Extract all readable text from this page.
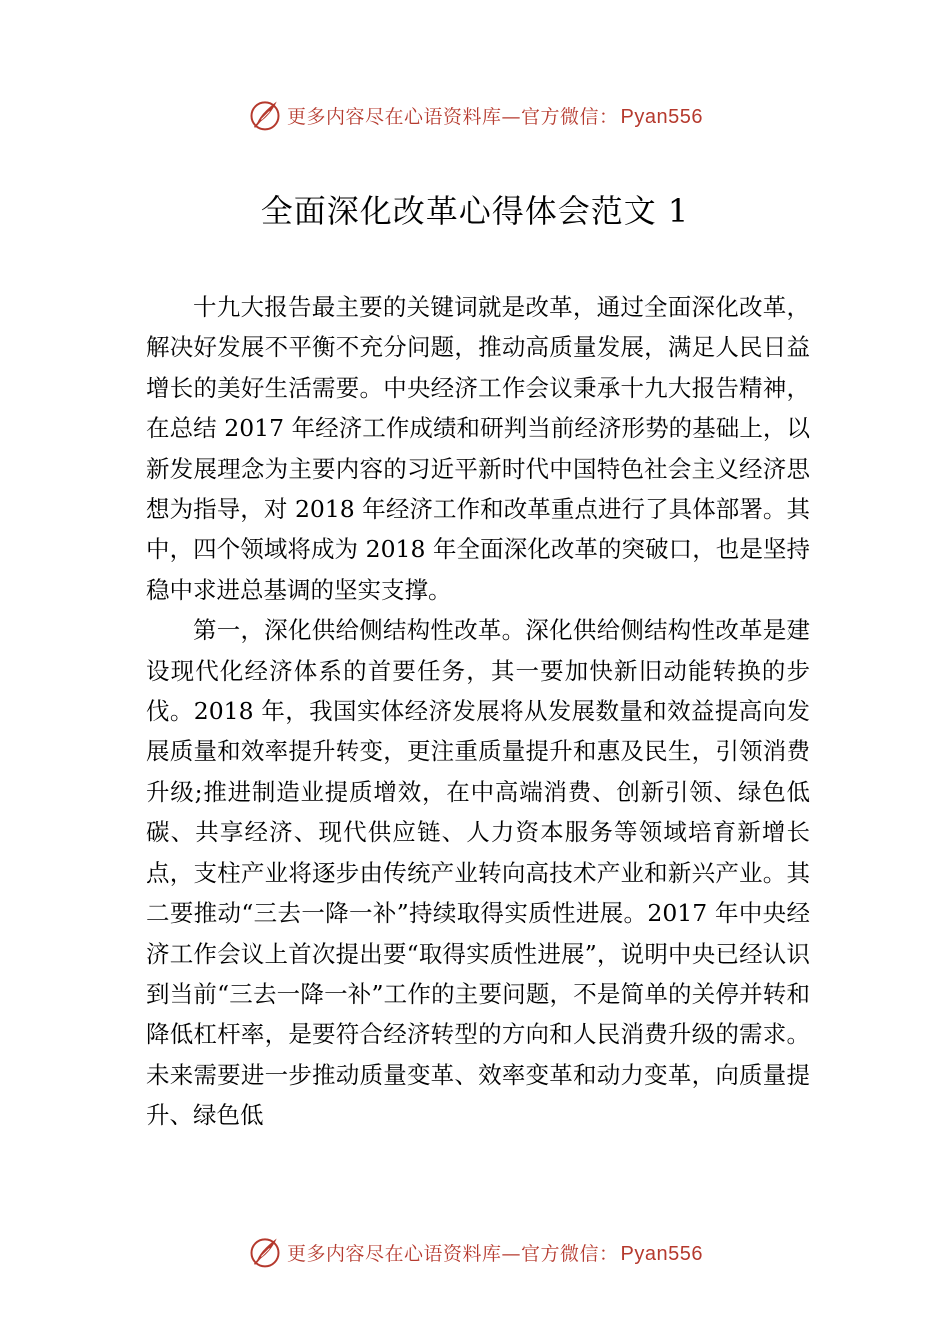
更多内容尽在心语资料库—官方微信： Pyan556
全面深化改革心得体会范文 1

十九大报告最主要的关键词就是改革，通过全面深化改革，解决好发展不平衡不充分问题，推动高质量发展，满足人民日益增长的美好生活需要。中央经济工作会议秉承十九大报告精神，在总结 2017 年经济工作成绩和研判当前经济形势的基础上，以新发展理念为主要内容的习近平新时代中国特色社会主义经济思想为指导，对 2018 年经济工作和改革重点进行了具体部署。其中，四个领域将成为 2018 年全面深化改革的突破口，也是坚持稳中求进总基调的坚实支撑。

第一，深化供给侧结构性改革。深化供给侧结构性改革是建设现代化经济体系的首要任务，其一要加快新旧动能转换的步伐。2018 年，我国实体经济发展将从发展数量和效益提高向发展质量和效率提升转变，更注重质量提升和惠及民生，引领消费升级;推进制造业提质增效，在中高端消费、创新引领、绿色低碳、共享经济、现代供应链、人力资本服务等领域培育新增长点，支柱产业将逐步由传统产业转向高技术产业和新兴产业。其二要推动“三去一降一补”持续取得实质性进展。2017 年中央经济工作会议上首次提出要“取得实质性进展”，说明中央已经认识到当前“三去一降一补”工作的主要问题，不是简单的关停并转和降低杠杆率，是要符合经济转型的方向和人民消费升级的需求。未来需要进一步推动质量变革、效率变革和动力变革，向质量提升、绿色低

更多内容尽在心语资料库—官方微信： Pyan556
